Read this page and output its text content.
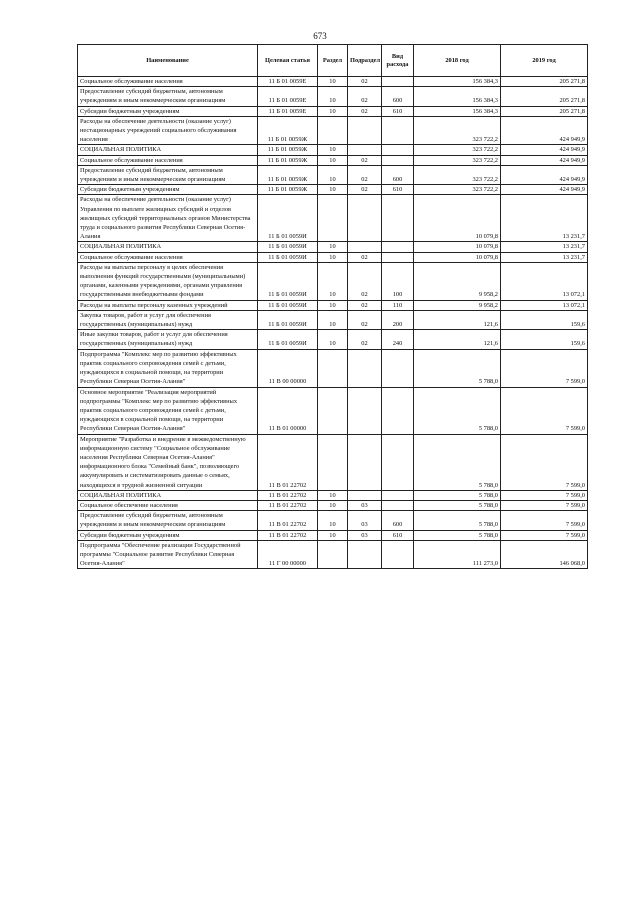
673
Наименование	Целевая статья	Раздел	Подраздел	Вид расхода	2018 год	2019 год
Социальное обслуживание населения	11 Б 01 0059Е	10	02		156 384,3	205 271,8
Предоставление субсидий бюджетным, автономным учреждениям и иным некоммерческим организациям	11 Б 01 0059Е	10	02	600	156 384,3	205 271,8
Субсидии бюджетным учреждениям	11 Б 01 0059Е	10	02	610	156 384,3	205 271,8
Расходы на обеспечение деятельности (оказание услуг) нестационарных учреждений социального обслуживания населения	11 Б 01 0059Ж				323 722,2	424 949,9
СОЦИАЛЬНАЯ ПОЛИТИКА	11 Б 01 0059Ж	10			323 722,2	424 949,9
Социальное обслуживание населения	11 Б 01 0059Ж	10	02		323 722,2	424 949,9
Предоставление субсидий бюджетным, автономным учреждениям и иным некоммерческим организациям	11 Б 01 0059Ж	10	02	600	323 722,2	424 949,9
Субсидии бюджетным учреждениям	11 Б 01 0059Ж	10	02	610	323 722,2	424 949,9
Расходы на обеспечение деятельности (оказание услуг) Управления по выплате жилищных субсидий и отделов жилищных субсидий территориальных органов Министерства труда и социального развития Республики Северная Осетия-Алания	11 Б 01 0059И				10 079,8	13 231,7
СОЦИАЛЬНАЯ ПОЛИТИКА	11 Б 01 0059И	10			10 079,8	13 231,7
Социальное обслуживание населения	11 Б 01 0059И	10	02		10 079,8	13 231,7
Расходы на выплаты персоналу в целях обеспечения выполнения функций государственными (муниципальными) органами, казенными учреждениями, органами управления государственными внебюджетными фондами	11 Б 01 0059И	10	02	100	9 958,2	13 072,1
Расходы на выплаты персоналу казенных учреждений	11 Б 01 0059И	10	02	110	9 958,2	13 072,1
Закупка товаров, работ и услуг для обеспечения государственных (муниципальных) нужд	11 Б 01 0059И	10	02	200	121,6	159,6
Иные закупки товаров, работ и услуг для обеспечения государственных (муниципальных) нужд	11 Б 01 0059И	10	02	240	121,6	159,6
Подпрограмма "Комплекс мер по развитию эффективных практик социального сопровождения семей с детьми, нуждающихся в социальной помощи, на территории Республики Северная Осетия-Алания"	11 В 00 00000				5 788,0	7 599,0
Основное мероприятие "Реализация мероприятий подпрограммы "Комплекс мер по развитию эффективных практик социального сопровождения семей с детьми, нуждающихся в социальной помощи, на территории Республики Северная Осетия-Алания"	11 В 01 00000				5 788,0	7 599,0
Мероприятие "Разработка и внедрение в межведомственную информационную систему "Социальное обслуживание населения Республики Северная Осетия-Алания" информационного блока "Семейный банк", позволяющего аккумулировать и систематизировать данные о семьях, находящихся в трудной жизненной ситуации	11 В 01 22702				5 788,0	7 599,0
СОЦИАЛЬНАЯ ПОЛИТИКА	11 В 01 22702	10			5 788,0	7 599,0
Социальное обеспечение населения	11 В 01 22702	10	03		5 788,0	7 599,0
Предоставление субсидий бюджетным, автономным учреждениям и иным некоммерческим организациям	11 В 01 22702	10	03	600	5 788,0	7 599,0
Субсидии бюджетным учреждениям	11 В 01 22702	10	03	610	5 788,0	7 599,0
Подпрограмма "Обеспечение реализации Государственной программы "Социальное развитие Республики Северная Осетия-Алания"	11 Г 00 00000				111 273,0	146 068,0
